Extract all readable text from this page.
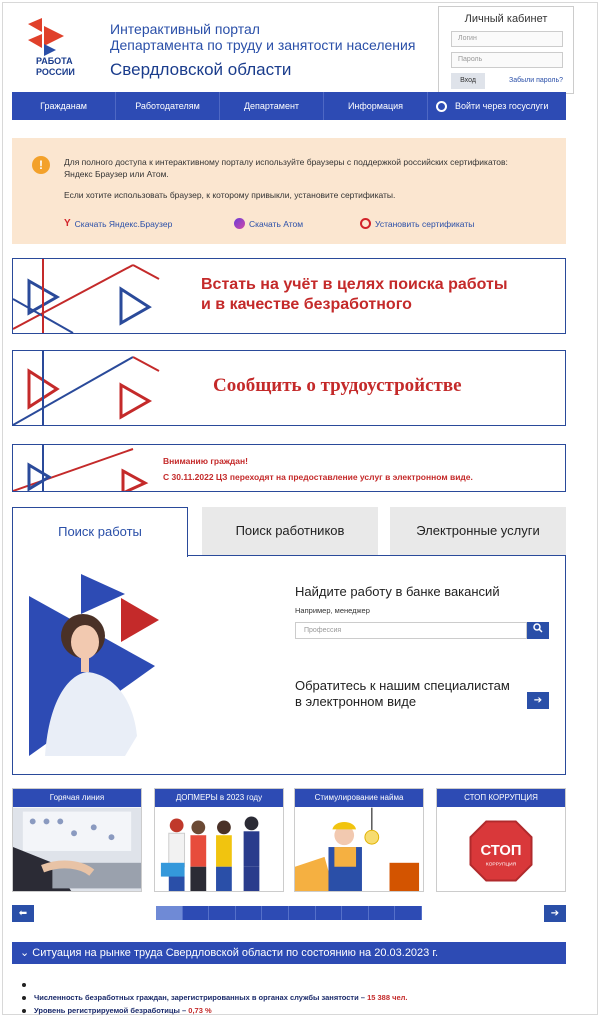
РАБОТА
РОССИИ
Интерактивный портал
Департамента по труду и занятости населения
Свердловской области
Личный кабинет
Логин
Пароль
Вход	Забыли пароль?
Гражданам	Работодателям	Департамент	Информация	Войти через госуслуги
!	Для полного доступа к интерактивному порталу используйте браузеры с поддержкой российских сертификатов: Яндекс Браузер или Атом.
Если хотите использовать браузер, к которому привыкли, установите сертификаты.
Y Скачать Яндекс.Браузер	Скачать Атом	Установить сертификаты
Встать на учёт в целях поиска работы
и в качестве безработного
Сообщить о трудоустройстве
Вниманию граждан!
С 30.11.2022 ЦЗ переходят на предоставление услуг в электронном виде.
Поиск работы	Поиск работников	Электронные услуги
Найдите работу в банке вакансий
Например, менеджер
Профессия
Обратитесь к нашим специалистам
в электронном виде	➔
Горячая линия	ДОПМЕРЫ в 2023 году	Стимулирование найма	СТОП КОРРУПЦИЯ
СТОП
КОРРУПЦИЯ
⬅	➔
⌄ Ситуация на рынке труда Свердловской области по состоянию на 20.03.2023 г.
Численность безработных граждан, зарегистрированных в органах службы занятости – 15 388 чел.
Уровень регистрируемой безработицы – 0,73 %
